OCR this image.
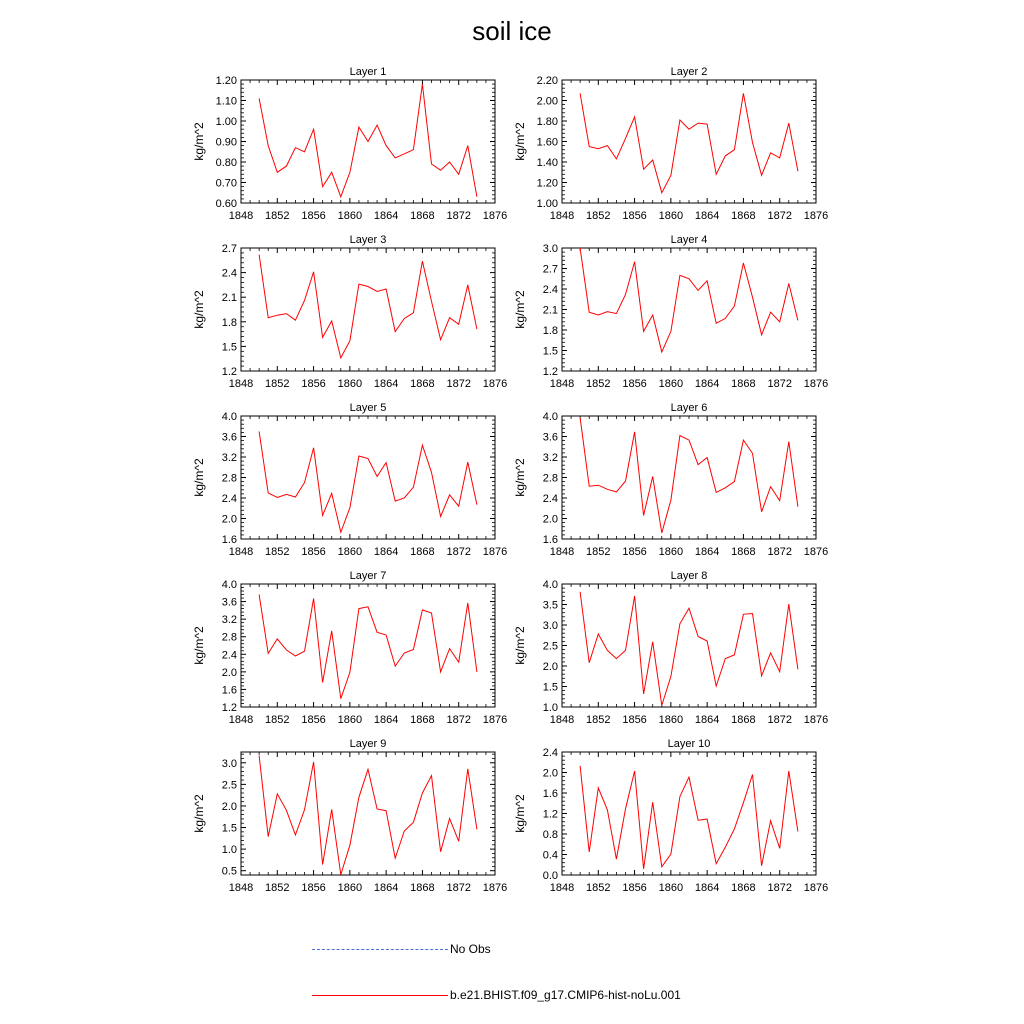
soil ice
Layer 1
1848 1852 1856 1860 1864 1868 1872 1876
0.60
0.70
0.80
0.90
1.00
1.10
1.20
kg/m^2
Layer 2
1848 1852 1856 1860 1864 1868 1872 1876
1.00
1.20
1.40
1.60
1.80
2.00
2.20
kg/m^2
Layer 3
1848 1852 1856 1860 1864 1868 1872 1876
1.2
1.5
1.8
2.1
2.4
2.7
kg/m^2
Layer 4
1848 1852 1856 1860 1864 1868 1872 1876
1.2
1.5
1.8
2.1
2.4
2.7
3.0
kg/m^2
Layer 5
1848 1852 1856 1860 1864 1868 1872 1876
1.6
2.0
2.4
2.8
3.2
3.6
4.0
kg/m^2
Layer 6
1848 1852 1856 1860 1864 1868 1872 1876
1.6
2.0
2.4
2.8
3.2
3.6
4.0
kg/m^2
Layer 7
1848 1852 1856 1860 1864 1868 1872 1876
1.2
1.6
2.0
2.4
2.8
3.2
3.6
4.0
kg/m^2
Layer 8
1848 1852 1856 1860 1864 1868 1872 1876
1.0
1.5
2.0
2.5
3.0
3.5
4.0
kg/m^2
Layer 9
1848 1852 1856 1860 1864 1868 1872 1876
0.5
1.0
1.5
2.0
2.5
3.0
kg/m^2
Layer 10
1848 1852 1856 1860 1864 1868 1872 1876
0.0
0.4
0.8
1.2
1.6
2.0
2.4
kg/m^2
No Obs
b.e21.BHIST.f09_g17.CMIP6-hist-noLu.001
